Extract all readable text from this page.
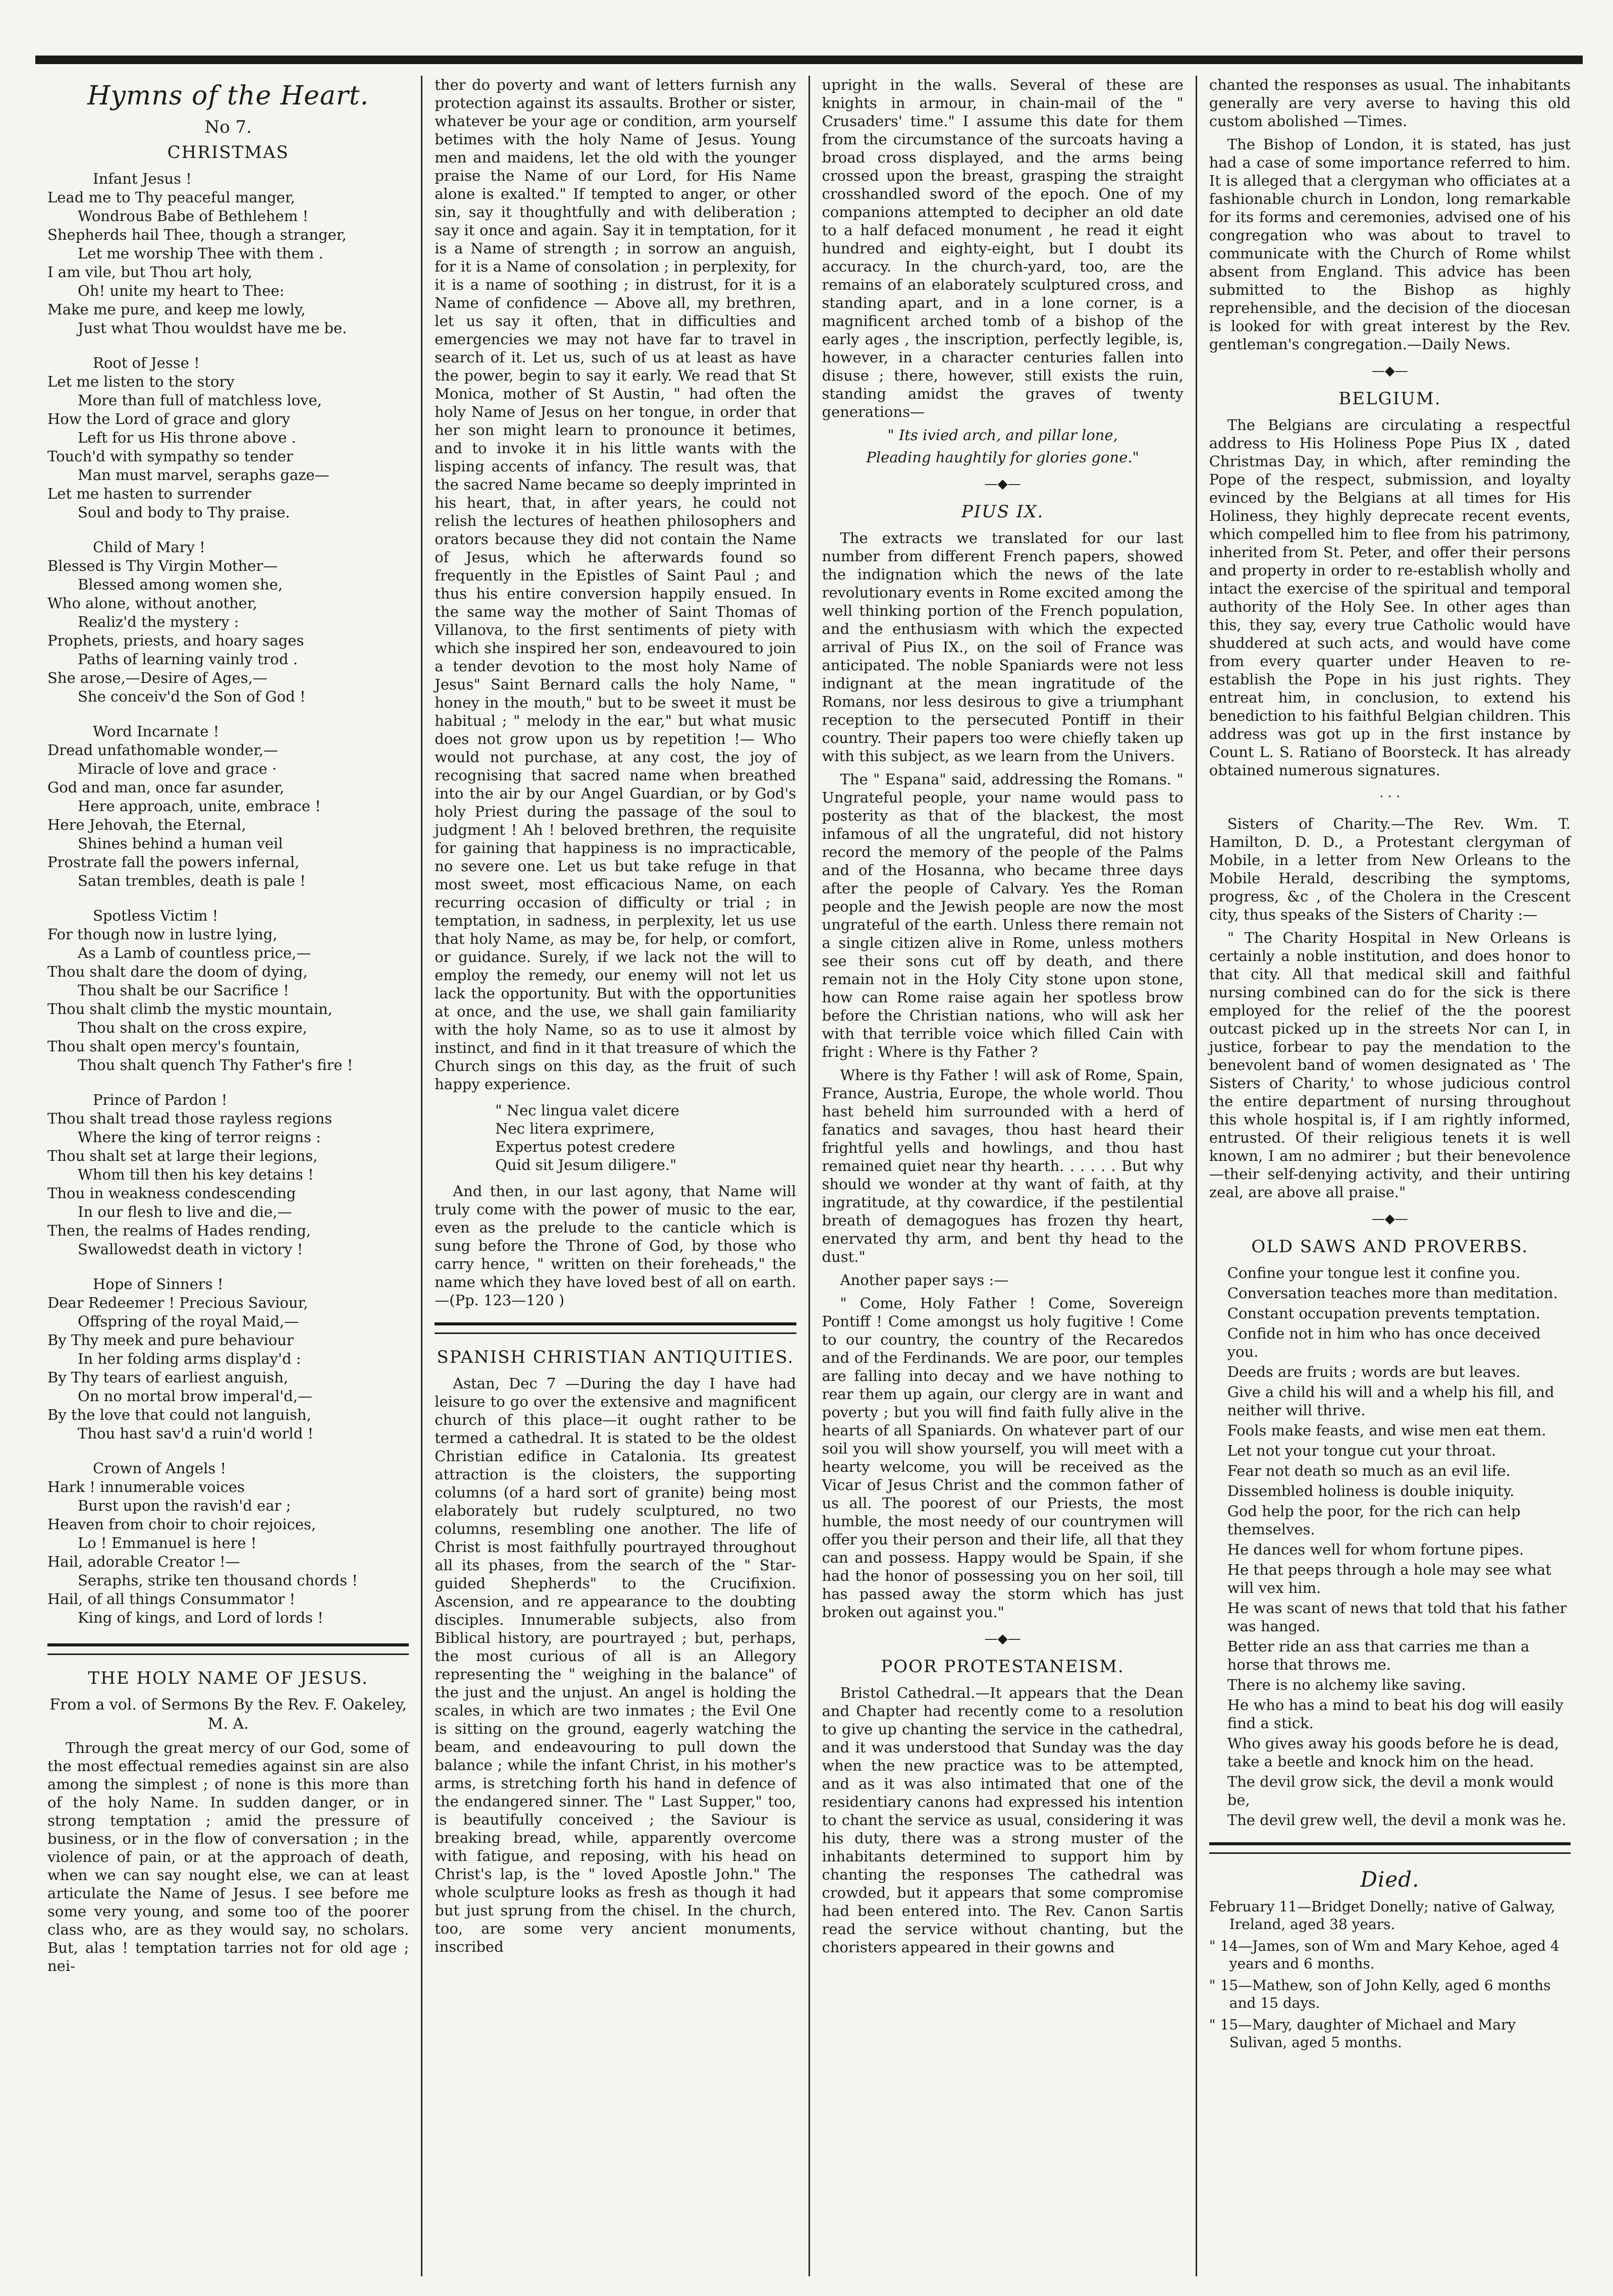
Hymns of the Heart.
No 7.
CHRISTMAS
Infant Jesus !
Lead me to Thy peaceful manger,
Wondrous Babe of Bethlehem !
Shepherds hail Thee, though a stranger,
Let me worship Thee with them .
I am vile, but Thou art holy,
Oh! unite my heart to Thee:
Make me pure, and keep me lowly,
Just what Thou wouldst have me be.
Root of Jesse !
Let me listen to the story
More than full of matchless love,
How the Lord of grace and glory
Left for us His throne above .
Touch'd with sympathy so tender
Man must marvel, seraphs gaze—
Let me hasten to surrender
Soul and body to Thy praise.
Child of Mary !
Blessed is Thy Virgin Mother—
Blessed among women she,
Who alone, without another,
Realiz'd the mystery :
Prophets, priests, and hoary sages
Paths of learning vainly trod .
She arose,—Desire of Ages,—
She conceiv'd the Son of God !
Word Incarnate !
Dread unfathomable wonder,—
Miracle of love and grace ·
God and man, once far asunder,
Here approach, unite, embrace !
Here Jehovah, the Eternal,
Shines behind a human veil
Prostrate fall the powers infernal,
Satan trembles, death is pale !
Spotless Victim !
For though now in lustre lying,
As a Lamb of countless price,—
Thou shalt dare the doom of dying,
Thou shalt be our Sacrifice !
Thou shalt climb the mystic mountain,
Thou shalt on the cross expire,
Thou shalt open mercy's fountain,
Thou shalt quench Thy Father's fire !
Prince of Pardon !
Thou shalt tread those rayless regions
Where the king of terror reigns :
Thou shalt set at large their legions,
Whom till then his key detains !
Thou in weakness condescending
In our flesh to live and die,—
Then, the realms of Hades rending,
Swallowedst death in victory !
Hope of Sinners !
Dear Redeemer ! Precious Saviour,
Offspring of the royal Maid,—
By Thy meek and pure behaviour
In her folding arms display'd :
By Thy tears of earliest anguish,
On no mortal brow imperal'd,—
By the love that could not languish,
Thou hast sav'd a ruin'd world !
Crown of Angels !
Hark ! innumerable voices
Burst upon the ravish'd ear ;
Heaven from choir to choir rejoices,
Lo ! Emmanuel is here !
Hail, adorable Creator !—
Seraphs, strike ten thousand chords !
Hail, of all things Consummator !
King of kings, and Lord of lords !
THE HOLY NAME OF JESUS.
From a vol. of Sermons By the Rev. F. Oakeley, M. A.

Through the great mercy of our God, some of the most effectual remedies against sin are also among the simplest ; of none is this more than of the holy Name. In sudden danger, or in strong temptation ; amid the pressure of business, or in the flow of conversation ; in the violence of pain, or at the approach of death, when we can say nought else, we can at least articulate the Name of Jesus. I see before me some very young, and some too of the poorer class who, are as they would say, no scholars. But, alas ! temptation tarries not for old age ; nei-

ther do poverty and want of letters furnish any protection against its assaults. Brother or sister, whatever be your age or condition, arm yourself betimes with the holy Name of Jesus. Young men and maidens, let the old with the younger praise the Name of our Lord, for His Name alone is exalted." If tempted to anger, or other sin, say it thoughtfully and with deliberation ; say it once and again. Say it in temptation, for it is a Name of strength ; in sorrow an anguish, for it is a Name of consolation ; in perplexity, for it is a name of soothing ; in distrust, for it is a Name of confidence — Above all, my brethren, let us say it often, that in difficulties and emergencies we may not have far to travel in search of it. Let us, such of us at least as have the power, begin to say it early. We read that St Monica, mother of St Austin, " had often the holy Name of Jesus on her tongue, in order that her son might learn to pronounce it betimes, and to invoke it in his little wants with the lisping accents of infancy. The result was, that the sacred Name became so deeply imprinted in his heart, that, in after years, he could not relish the lectures of heathen philosophers and orators because they did not contain the Name of Jesus, which he afterwards found so frequently in the Epistles of Saint Paul ; and thus his entire conversion happily ensued. In the same way the mother of Saint Thomas of Villanova, to the first sentiments of piety with which she inspired her son, endeavoured to join a tender devotion to the most holy Name of Jesus" Saint Bernard calls the holy Name, " honey in the mouth," but to be sweet it must be habitual ; " melody in the ear," but what music does not grow upon us by repetition !— Who would not purchase, at any cost, the joy of recognising that sacred name when breathed into the air by our Angel Guardian, or by God's holy Priest during the passage of the soul to judgment ! Ah ! beloved brethren, the requisite for gaining that happiness is no impracticable, no severe one. Let us but take refuge in that most sweet, most efficacious Name, on each recurring occasion of difficulty or trial ; in temptation, in sadness, in perplexity, let us use that holy Name, as may be, for help, or comfort, or guidance. Surely, if we lack not the will to employ the remedy, our enemy will not let us lack the opportunity. But with the opportunities at once, and the use, we shall gain familiarity with the holy Name, so as to use it almost by instinct, and find in it that treasure of which the Church sings on this day, as the fruit of such happy experience.

" Nec lingua valet dicere
Nec litera exprimere,
Expertus potest credere
Quid sit Jesum diligere."

And then, in our last agony, that Name will truly come with the power of music to the ear, even as the prelude to the canticle which is sung before the Throne of God, by those who carry hence, " written on their foreheads," the name which they have loved best of all on earth.—(Pp. 123—120 )

SPANISH CHRISTIAN ANTIQUITIES.

Astan, Dec 7 —During the day I have had leisure to go over the extensive and magnificent church of this place—it ought rather to be termed a cathedral. It is stated to be the oldest Christian edifice in Catalonia. Its greatest attraction is the cloisters, the supporting columns (of a hard sort of granite) being most elaborately but rudely sculptured, no two columns, resembling one another. The life of Christ is most faithfully pourtrayed throughout all its phases, from the search of the " Star-guided Shepherds" to the Crucifixion. Ascension, and re appearance to the doubting disciples. Innumerable subjects, also from Biblical history, are pourtrayed ; but, perhaps, the most curious of all is an Allegory representing the " weighing in the balance" of the just and the unjust. An angel is holding the scales, in which are two inmates ; the Evil One is sitting on the ground, eagerly watching the beam, and endeavouring to pull down the balance ; while the infant Christ, in his mother's arms, is stretching forth his hand in defence of the endangered sinner. The " Last Supper," too, is beautifully conceived ; the Saviour is breaking bread, while, apparently overcome with fatigue, and reposing, with his head on Christ's lap, is the " loved Apostle John." The whole sculpture looks as fresh as though it had but just sprung from the chisel. In the church, too, are some very ancient monuments, inscribed

upright in the walls. Several of these are knights in armour, in chain-mail of the " Crusaders' time." I assume this date for them from the circumstance of the surcoats having a broad cross displayed, and the arms being crossed upon the breast, grasping the straight crosshandled sword of the epoch. One of my companions attempted to decipher an old date to a half defaced monument , he read it eight hundred and eighty-eight, but I doubt its accuracy. In the church-yard, too, are the remains of an elaborately sculptured cross, and standing apart, and in a lone corner, is a magnificent arched tomb of a bishop of the early ages , the inscription, perfectly legible, is, however, in a character centuries fallen into disuse ; there, however, still exists the ruin, standing amidst the graves of twenty generations—

" Its ivied arch, and pillar lone,
Pleading haughtily for glories gone."
—◆—
PIUS IX.

The extracts we translated for our last number from different French papers, showed the indignation which the news of the late revolutionary events in Rome excited among the well thinking portion of the French population, and the enthusiasm with which the expected arrival of Pius IX., on the soil of France was anticipated. The noble Spaniards were not less indignant at the mean ingratitude of the Romans, nor less desirous to give a triumphant reception to the persecuted Pontiff in their country. Their papers too were chiefly taken up with this subject, as we learn from the Univers.

The " Espana" said, addressing the Romans. " Ungrateful people, your name would pass to posterity as that of the blackest, the most infamous of all the ungrateful, did not history record the memory of the people of the Palms and of the Hosanna, who became three days after the people of Calvary. Yes the Roman people and the Jewish people are now the most ungrateful of the earth. Unless there remain not a single citizen alive in Rome, unless mothers see their sons cut off by death, and there remain not in the Holy City stone upon stone, how can Rome raise again her spotless brow before the Christian nations, who will ask her with that terrible voice which filled Cain with fright : Where is thy Father ?

Where is thy Father ! will ask of Rome, Spain, France, Austria, Europe, the whole world. Thou hast beheld him surrounded with a herd of fanatics and savages, thou hast heard their frightful yells and howlings, and thou hast remained quiet near thy hearth. . . . . . But why should we wonder at thy want of faith, at thy ingratitude, at thy cowardice, if the pestilential breath of demagogues has frozen thy heart, enervated thy arm, and bent thy head to the dust."

Another paper says :—

" Come, Holy Father ! Come, Sovereign Pontiff ! Come amongst us holy fugitive ! Come to our country, the country of the Recaredos and of the Ferdinands. We are poor, our temples are falling into decay and we have nothing to rear them up again, our clergy are in want and poverty ; but you will find faith fully alive in the hearts of all Spaniards. On whatever part of our soil you will show yourself, you will meet with a hearty welcome, you will be received as the Vicar of Jesus Christ and the common father of us all. The poorest of our Priests, the most humble, the most needy of our countrymen will offer you their person and their life, all that they can and possess. Happy would be Spain, if she had the honor of possessing you on her soil, till has passed away the storm which has just broken out against you."

—◆—
POOR PROTESTANEISM.

Bristol Cathedral.—It appears that the Dean and Chapter had recently come to a resolution to give up chanting the service in the cathedral, and it was understood that Sunday was the day when the new practice was to be attempted, and as it was also intimated that one of the residentiary canons had expressed his intention to chant the service as usual, considering it was his duty, there was a strong muster of the inhabitants determined to support him by chanting the responses The cathedral was crowded, but it appears that some compromise had been entered into. The Rev. Canon Sartis read the service without chanting, but the choristers appeared in their gowns and

chanted the responses as usual. The inhabitants generally are very averse to having this old custom abolished —Times.

The Bishop of London, it is stated, has just had a case of some importance referred to him. It is alleged that a clergyman who officiates at a fashionable church in London, long remarkable for its forms and ceremonies, advised one of his congregation who was about to travel to communicate with the Church of Rome whilst absent from England. This advice has been submitted to the Bishop as highly reprehensible, and the decision of the diocesan is looked for with great interest by the Rev. gentleman's congregation.—Daily News.

—◆—
BELGIUM.

The Belgians are circulating a respectful address to His Holiness Pope Pius IX , dated Christmas Day, in which, after reminding the Pope of the respect, submission, and loyalty evinced by the Belgians at all times for His Holiness, they highly deprecate recent events, which compelled him to flee from his patrimony, inherited from St. Peter, and offer their persons and property in order to re-establish wholly and intact the exercise of the spiritual and temporal authority of the Holy See. In other ages than this, they say, every true Catholic would have shuddered at such acts, and would have come from every quarter under Heaven to re-establish the Pope in his just rights. They entreat him, in conclusion, to extend his benediction to his faithful Belgian children. This address was got up in the first instance by Count L. S. Ratiano of Boorsteck. It has already obtained numerous signatures.

· · ·

Sisters of Charity.—The Rev. Wm. T. Hamilton, D. D., a Protestant clergyman of Mobile, in a letter from New Orleans to the Mobile Herald, describing the symptoms, progress, &c , of the Cholera in the Crescent city, thus speaks of the Sisters of Charity :—

" The Charity Hospital in New Orleans is certainly a noble institution, and does honor to that city. All that medical skill and faithful nursing combined can do for the sick is there employed for the relief of the the poorest outcast picked up in the streets Nor can I, in justice, forbear to pay the mendation to the benevolent band of women designated as ' The Sisters of Charity,' to whose judicious control the entire department of nursing throughout this whole hospital is, if I am rightly informed, entrusted. Of their religious tenets it is well known, I am no admirer ; but their benevolence—their self-denying activity, and their untiring zeal, are above all praise."

—◆—
OLD SAWS AND PROVERBS.
Confine your tongue lest it confine you.
Conversation teaches more than meditation.
Constant occupation prevents temptation.
Confide not in him who has once deceived you.
Deeds are fruits ; words are but leaves.
Give a child his will and a whelp his fill, and neither will thrive.
Fools make feasts, and wise men eat them.
Let not your tongue cut your throat.
Fear not death so much as an evil life.
Dissembled holiness is double iniquity.
God help the poor, for the rich can help themselves.
He dances well for whom fortune pipes.
He that peeps through a hole may see what will vex him.
He was scant of news that told that his father was hanged.
Better ride an ass that carries me than a horse that throws me.
There is no alchemy like saving.
He who has a mind to beat his dog will easily find a stick.
Who gives away his goods before he is dead, take a beetle and knock him on the head.
The devil grow sick, the devil a monk would be,
The devil grew well, the devil a monk was he.
Died.
February 11—Bridget Donelly; native of Galway, Ireland, aged 38 years.
" 14—James, son of Wm and Mary Kehoe, aged 4 years and 6 months.
" 15—Mathew, son of John Kelly, aged 6 months and 15 days.
" 15—Mary, daughter of Michael and Mary Sulivan, aged 5 months.
